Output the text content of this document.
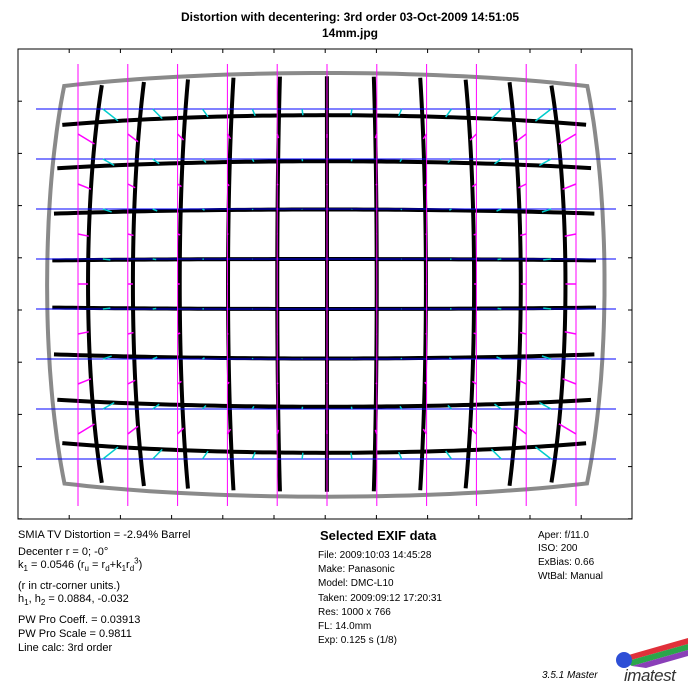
Distortion with decentering: 3rd order 03-Oct-2009 14:51:05
14mm.jpg
SMIA TV Distortion = -2.94% Barrel
Decenter r = 0; -0°
$k_1 = 0.0546$ $(r_u = r_d+k_1r_d^3)$
(r in ctr-corner units.)
$h_1$, $h_2 = 0.0884$, -0.032
PW Pro Coeff. = 0.03913
PW Pro Scale = 0.9811
Line calc: 3rd order
Selected EXIF data
File: 2009:10:03 14:45:28
Make: Panasonic
Model: DMC-L10
Taken: 2009:09:12 17:20:31
Res: 1000 x 766
FL: 14.0mm
Exp: 0.125 s (1/8)
Aper: f/11.0
ISO: 200
ExBias: 0.66
WtBal: Manual
3.5.1 Master imatest
